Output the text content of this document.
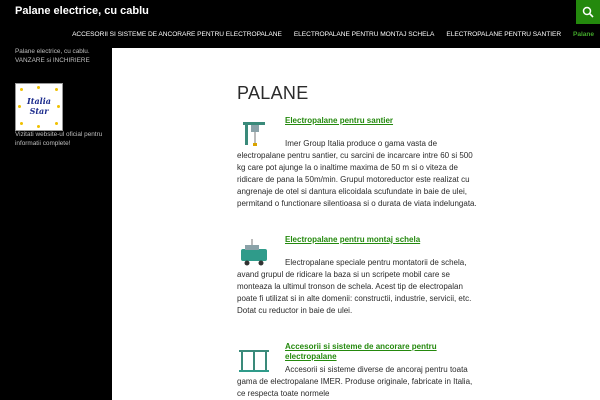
Palane electrice, cu cablu
ACCESORII SI SISTEME DE ANCORARE PENTRU ELECTROPALANE ELECTROPALANE PENTRU MONTAJ SCHELA ELECTROPALANE PENTRU SANTIER Palane
Palane electrice, cu cablu. VANZARE si INCHIRIERE
Italia
Star
Vizitati website-ul oficial pentru informatii complete!
PALANE
Electropalane pentru santier
Imer Group Italia produce o gama vasta de electropalane pentru santier, cu sarcini de incarcare intre 60 si 500 kg care pot ajunge la o inaltime maxima de 50 m si o viteza de ridicare de pana la 50m/min. Grupul motoreductor este realizat cu angrenaje de otel si dantura elicoidala scufundate in baie de ulei, permitand o functionare silentioasa si o durata de viata indelungata.
Electropalane pentru montaj schela
Electropalane speciale pentru montatorii de schela, avand grupul de ridicare la baza si un scripete mobil care se monteaza la ultimul tronson de schela. Acest tip de electropalan poate fi utilizat si in alte domenii: constructii, industrie, servicii, etc. Dotat cu reductor in baie de ulei.
Accesorii si sisteme de ancorare pentru electropalane
Accesorii si sisteme diverse de ancoraj pentru toata gama de electropalane IMER. Produse originale, fabricate in Italia, ce respecta toate normele
